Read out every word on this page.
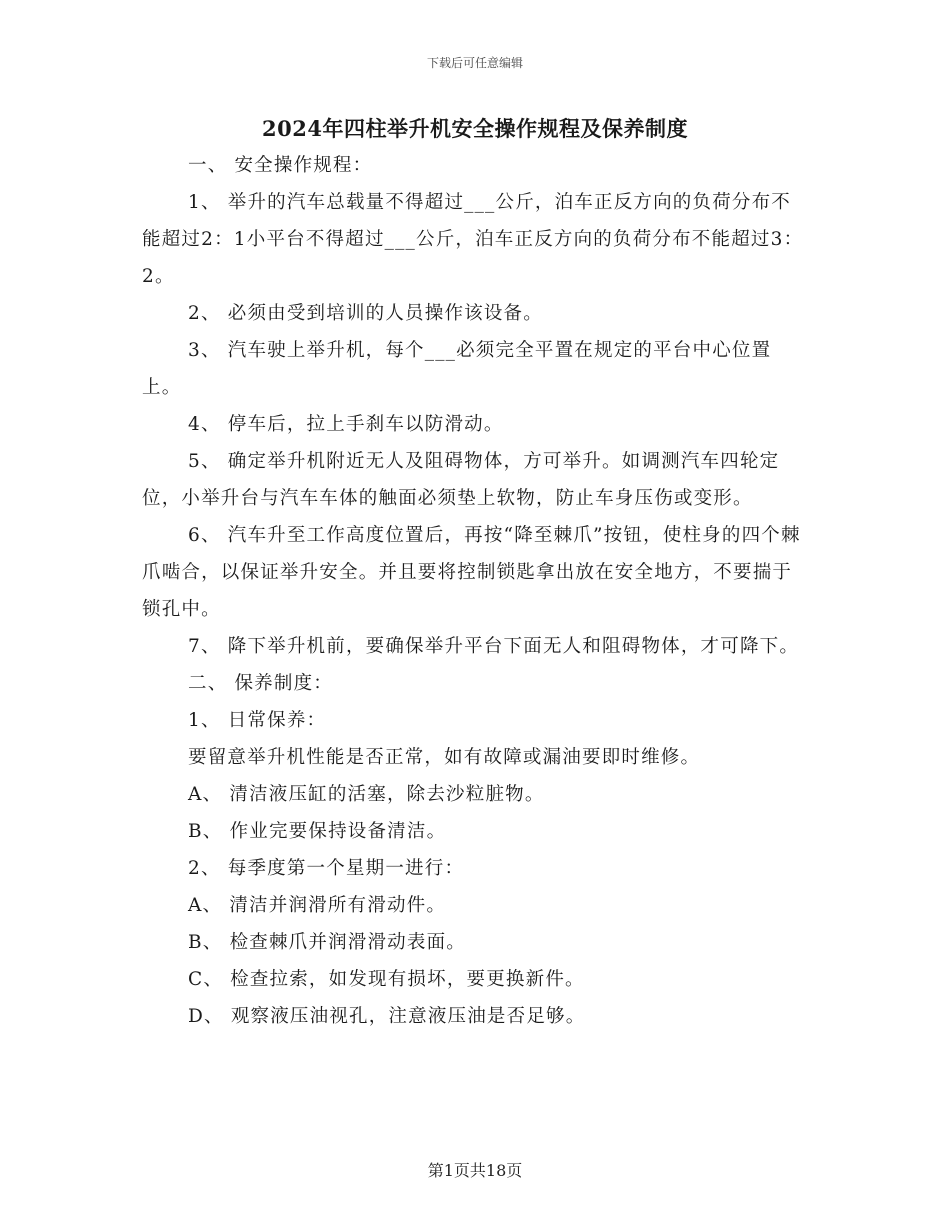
下载后可任意编辑
2024年四柱举升机安全操作规程及保养制度

一、 安全操作规程：

1、 举升的汽车总载量不得超过___公斤，泊车正反方向的负荷分布不能超过2：1小平台不得超过___公斤，泊车正反方向的负荷分布不能超过3：2。

2、 必须由受到培训的人员操作该设备。

3、 汽车驶上举升机，每个___必须完全平置在规定的平台中心位置上。

4、 停车后，拉上手刹车以防滑动。

5、 确定举升机附近无人及阻碍物体，方可举升。如调测汽车四轮定位，小举升台与汽车车体的触面必须垫上软物，防止车身压伤或变形。

6、 汽车升至工作高度位置后，再按“降至棘爪”按钮，使柱身的四个棘爪啮合，以保证举升安全。并且要将控制锁匙拿出放在安全地方，不要揣于锁孔中。

7、 降下举升机前，要确保举升平台下面无人和阻碍物体，才可降下。

二、 保养制度：

1、 日常保养：

要留意举升机性能是否正常，如有故障或漏油要即时维修。

A、 清洁液压缸的活塞，除去沙粒脏物。

B、 作业完要保持设备清洁。

2、 每季度第一个星期一进行：

A、 清洁并润滑所有滑动件。

B、 检查棘爪并润滑滑动表面。

C、 检查拉索，如发现有损坏，要更换新件。

D、 观察液压油视孔，注意液压油是否足够。

第1页共18页
